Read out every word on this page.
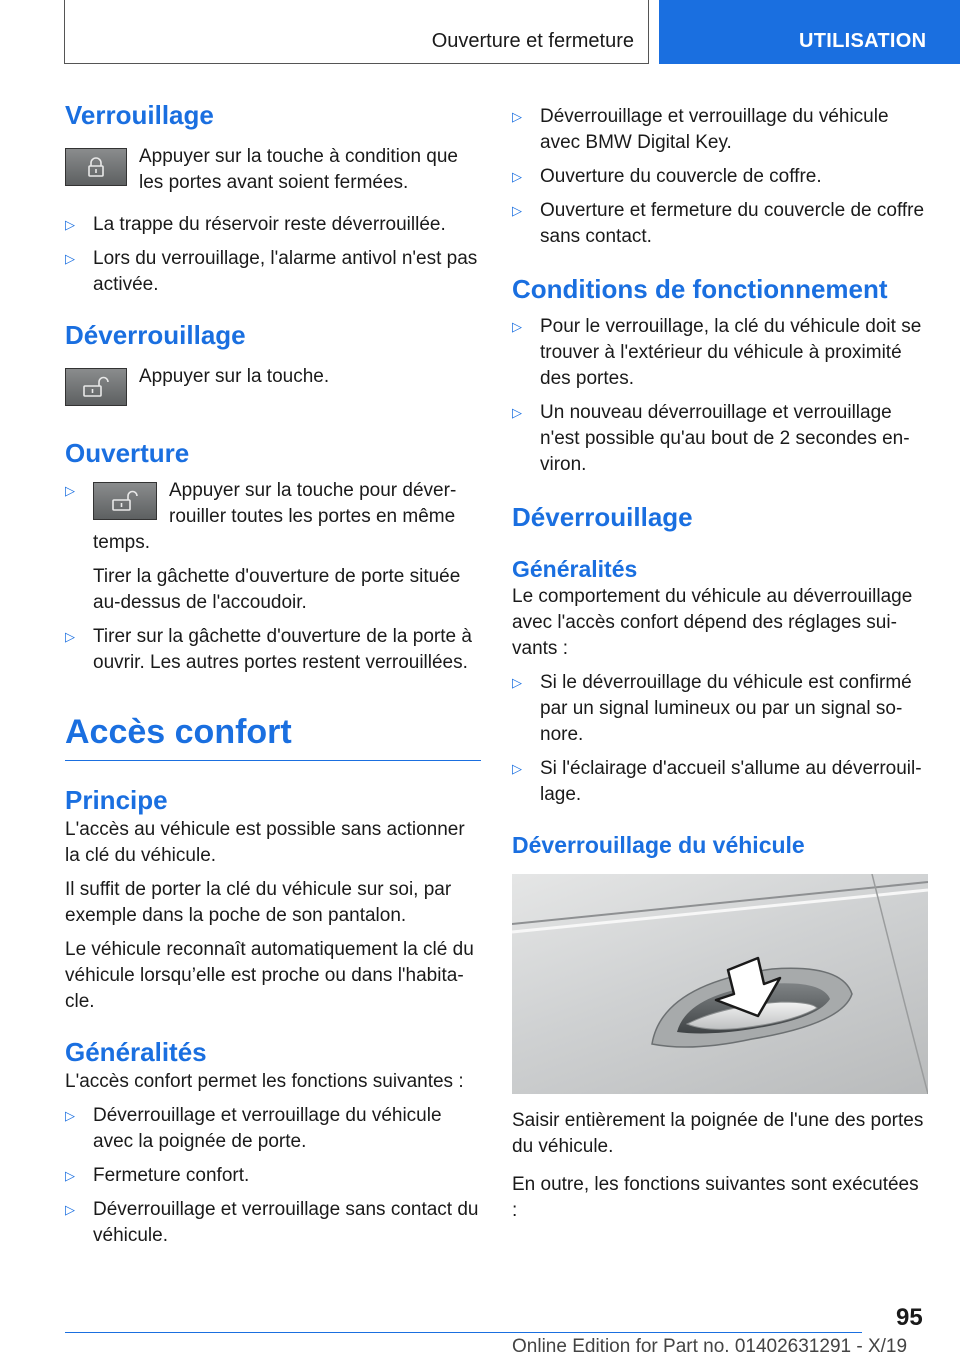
Ouverture et fermeture	UTILISATION
Verrouillage

Appuyer sur la touche à condition que les portes avant soient fermées.

▷ La trappe du réservoir reste déverrouillée.
▷ Lors du verrouillage, l'alarme antivol n'est pas activée.
Déverrouillage

Appuyer sur la touche.

Ouverture
▷	Appuyer sur la touche pour déverrouiller toutes les portes en même temps.

Tirer la gâchette d'ouverture de porte située au-dessus de l'accoudoir.

▷ Tirer sur la gâchette d'ouverture de la porte à ouvrir. Les autres portes restent verrouillées.
Accès confort
Principe

L'accès au véhicule est possible sans actionner la clé du véhicule.

Il suffit de porter la clé du véhicule sur soi, par exemple dans la poche de son pantalon.

Le véhicule reconnaît automatiquement la clé du véhicule lorsqu’elle est proche ou dans l'habitacle.

Généralités

L'accès confort permet les fonctions suivantes :

▷ Déverrouillage et verrouillage du véhicule avec la poignée de porte.
▷ Fermeture confort.
▷ Déverrouillage et verrouillage sans contact du véhicule.
▷ Déverrouillage et verrouillage du véhicule avec BMW Digital Key.
▷ Ouverture du couvercle de coffre.
▷ Ouverture et fermeture du couvercle de coffre sans contact.
Conditions de fonctionnement
▷ Pour le verrouillage, la clé du véhicule doit se trouver à l'extérieur du véhicule à proximité des portes.
▷ Un nouveau déverrouillage et verrouillage n'est possible qu'au bout de 2 secondes environ.
Déverrouillage
Généralités

Le comportement du véhicule au déverrouillage avec l'accès confort dépend des réglages suivants :

▷ Si le déverrouillage du véhicule est confirmé par un signal lumineux ou par un signal sonore.
▷ Si l'éclairage d'accueil s'allume au déverrouillage.
Déverrouillage du véhicule

Saisir entièrement la poignée de l'une des portes du véhicule.

En outre, les fonctions suivantes sont exécutées :

95
Online Edition for Part no. 01402631291 - X/19
